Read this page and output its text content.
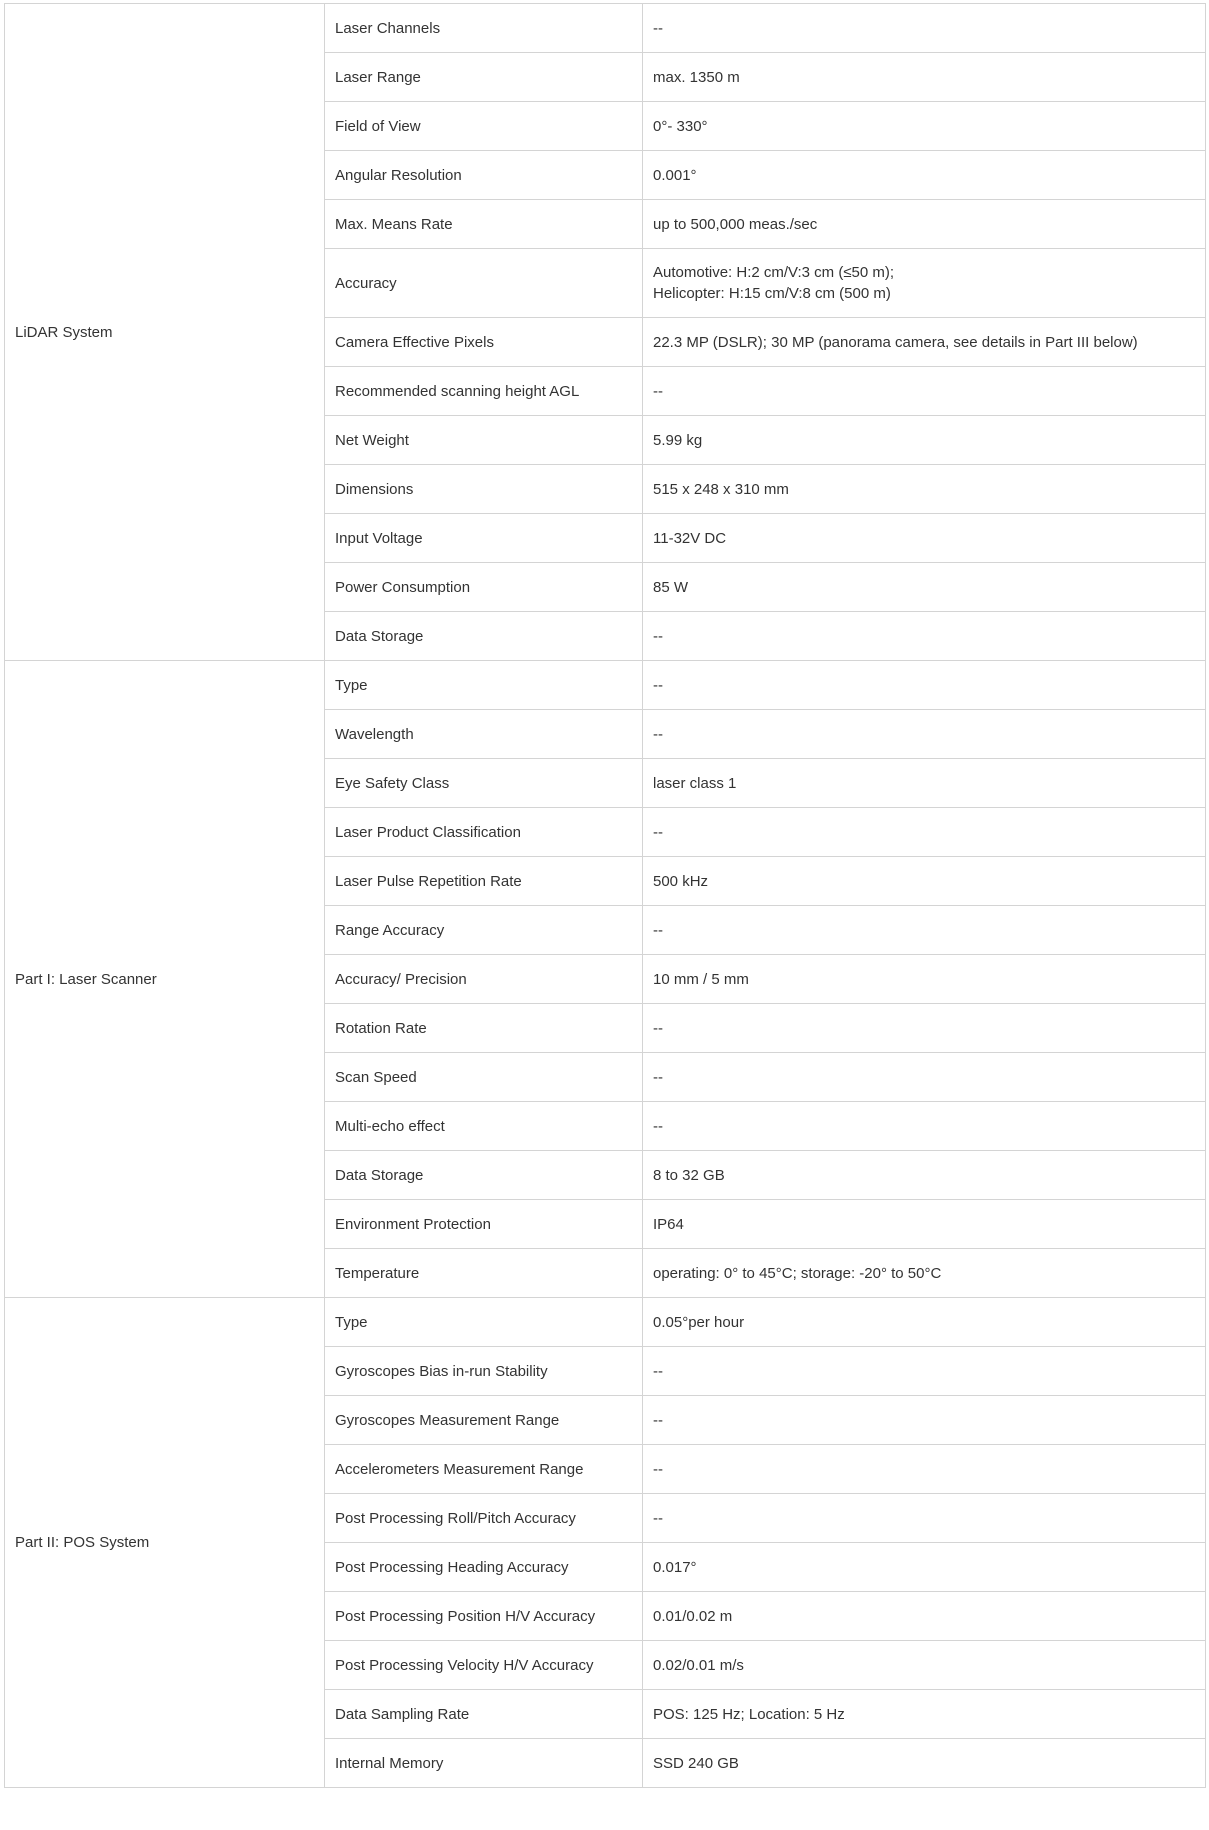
LiDAR System	Laser Channels	--

	Laser Range	max. 1350 m

	Field of View	0°- 330°

	Angular Resolution	0.001°

	Max. Means Rate	up to 500,000 meas./sec

	Accuracy	Automotive: H:2 cm/V:3 cm (≤50 m);
Helicopter: H:15 cm/V:8 cm (500 m)

	Camera Effective Pixels	22.3 MP (DSLR); 30 MP (panorama camera, see details in Part III below)

	Recommended scanning height AGL	--

	Net Weight	5.99 kg

	Dimensions	515 x 248 x 310 mm

	Input Voltage	11-32V DC

	Power Consumption	85 W

	Data Storage	--

Part I: Laser Scanner	Type	--

	Wavelength	--

	Eye Safety Class	laser class 1

	Laser Product Classification	--

	Laser Pulse Repetition Rate	500 kHz

	Range Accuracy	--

	Accuracy/ Precision	10 mm / 5 mm

	Rotation Rate	--

	Scan Speed	--

	Multi-echo effect	--

	Data Storage	8 to 32 GB

	Environment Protection	IP64

	Temperature	operating: 0° to 45°C; storage: -20° to 50°C

Part II: POS System	Type	0.05°per hour

	Gyroscopes Bias in-run Stability	--

	Gyroscopes Measurement Range	--

	Accelerometers Measurement Range	--

	Post Processing Roll/Pitch Accuracy	--

	Post Processing Heading Accuracy	0.017°

	Post Processing Position H/V Accuracy	0.01/0.02 m

	Post Processing Velocity H/V Accuracy	0.02/0.01 m/s

	Data Sampling Rate	POS: 125 Hz; Location: 5 Hz

	Internal Memory	SSD 240 GB
